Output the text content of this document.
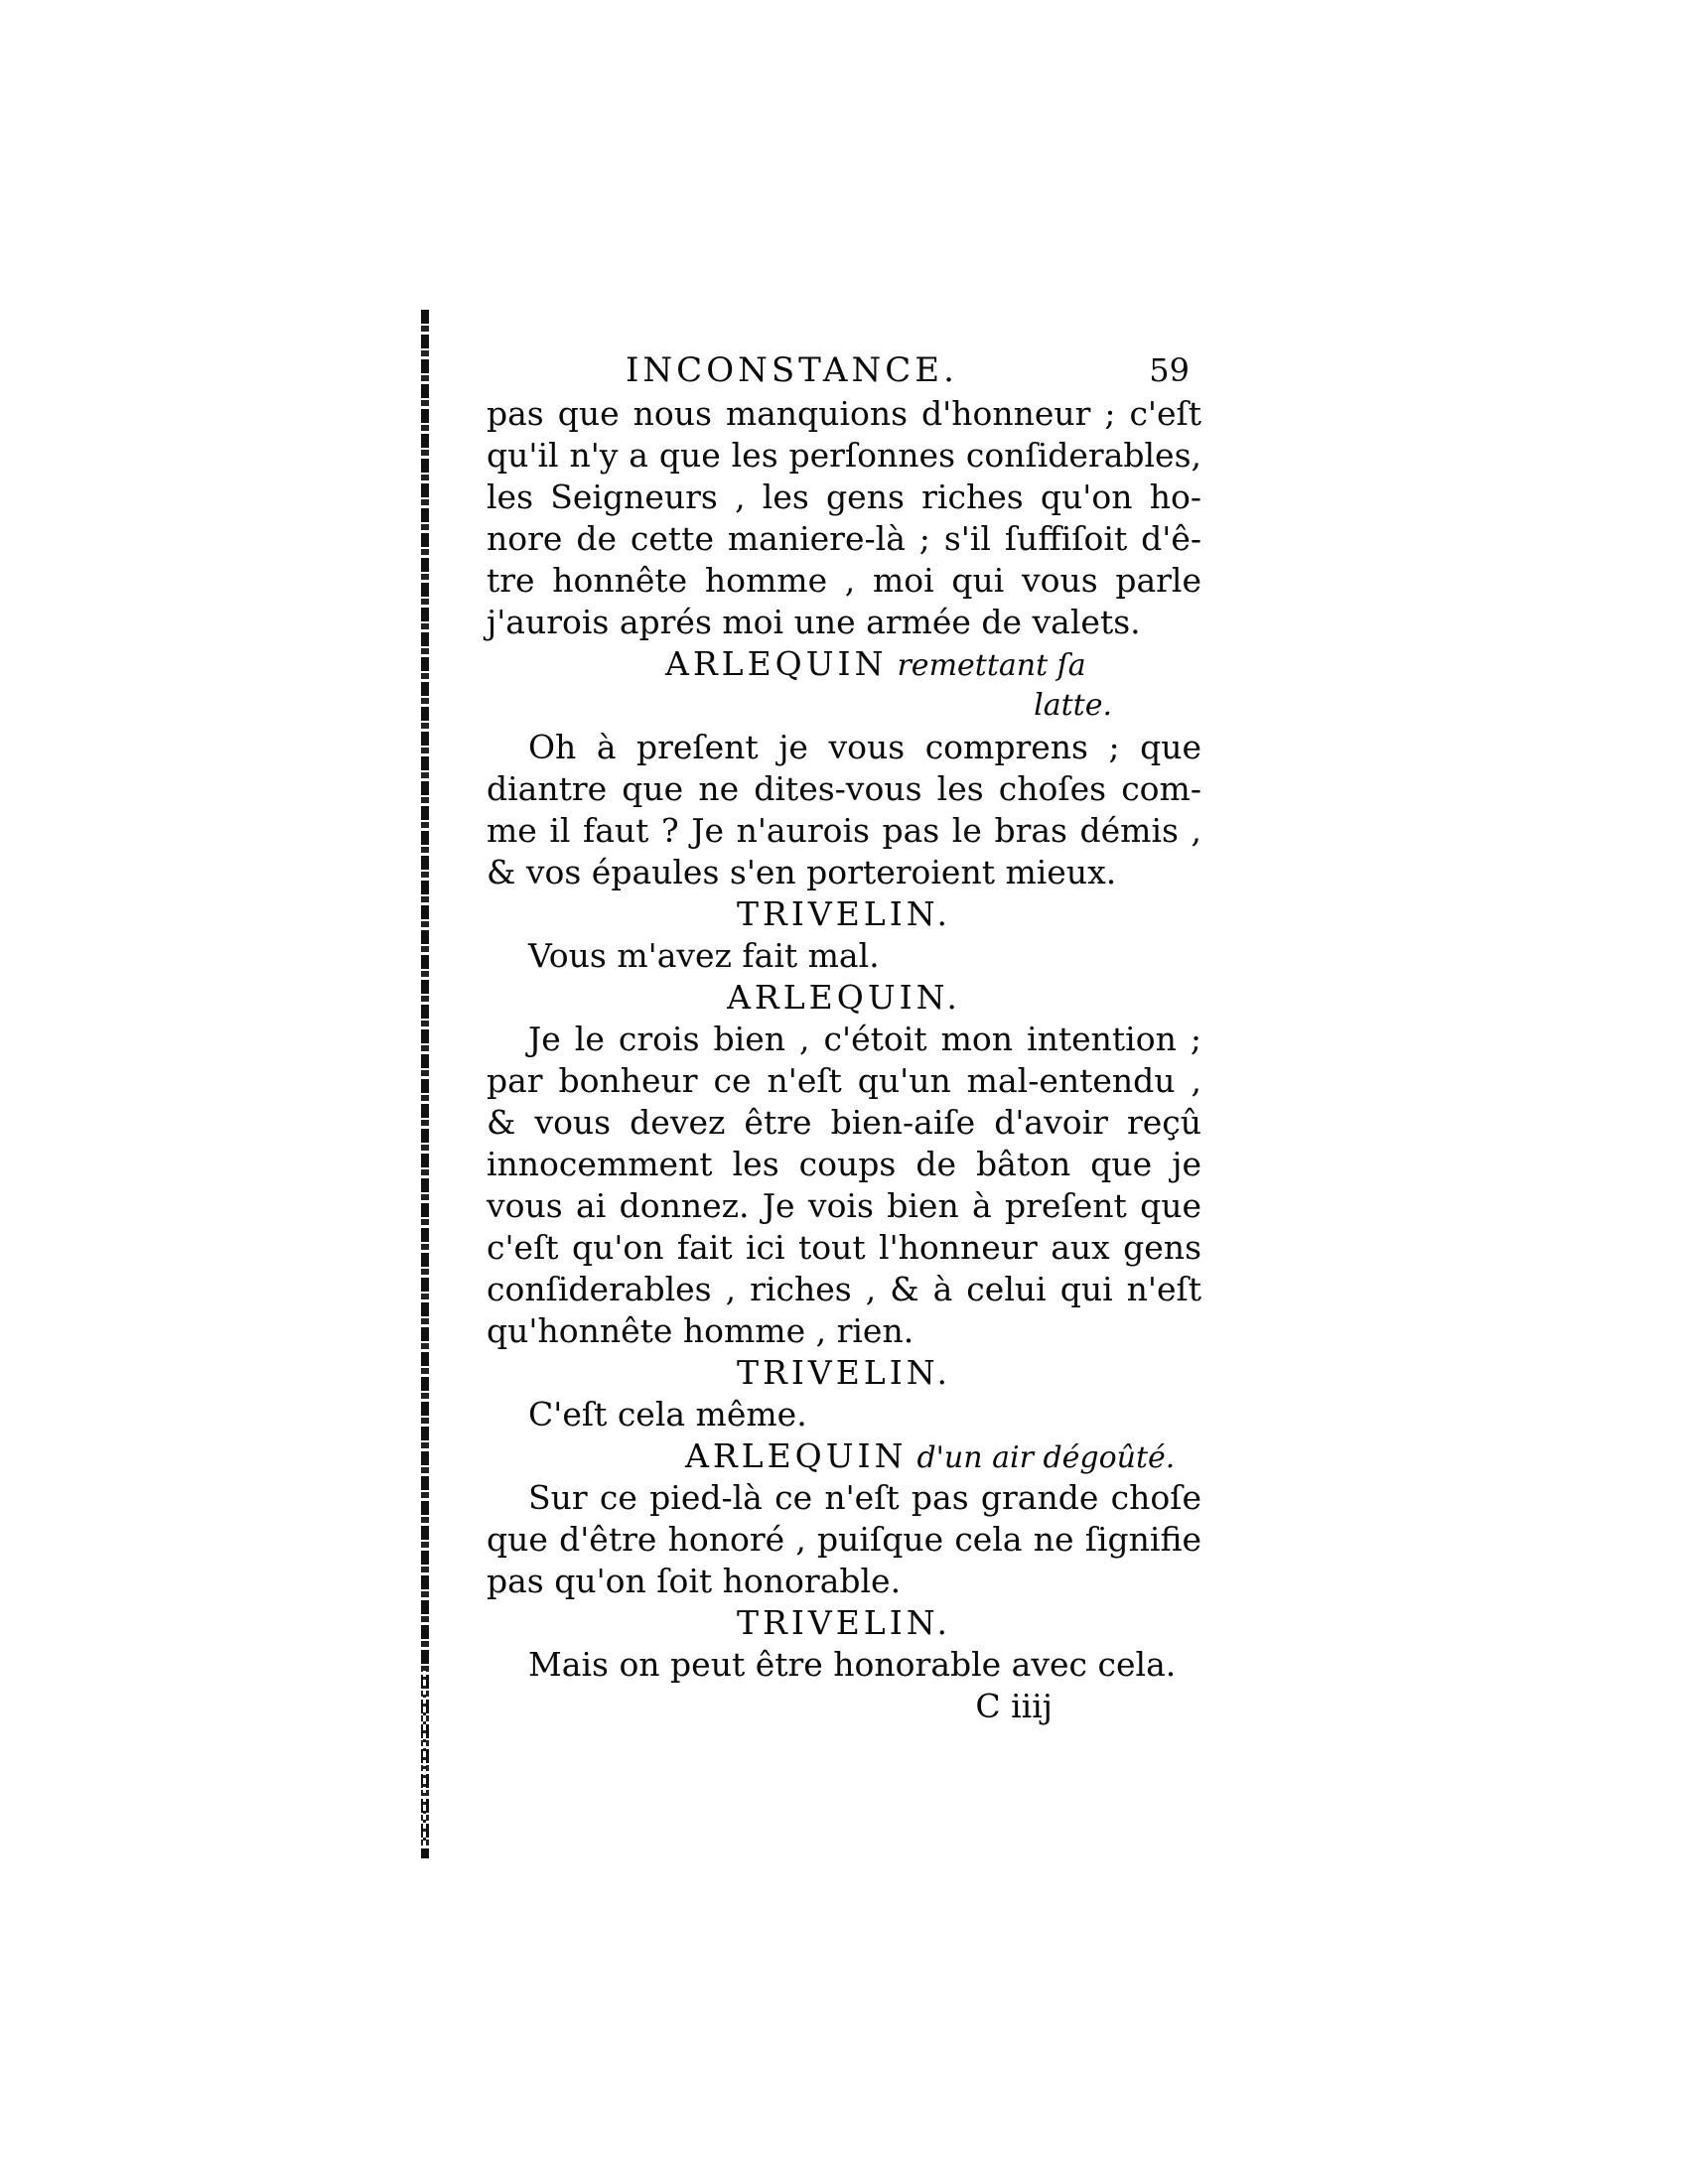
INCONSTANCE.	59
pas que nous manquions d'honneur ; c'eſt
qu'il n'y a que les perſonnes conſiderables,
les Seigneurs , les gens riches qu'on ho-
nore de cette maniere-là ; s'il ſuffiſoit d'ê-
tre honnête homme , moi qui vous parle
j'aurois aprés moi une armée de valets.
ARLEQUIN remettant ſa
latte.
Oh à preſent je vous comprens ; que
diantre que ne dites-vous les choſes com-
me il faut ? Je n'aurois pas le bras démis ,
& vos épaules s'en porteroient mieux.
TRIVELIN.
Vous m'avez fait mal.
ARLEQUIN.
Je le crois bien , c'étoit mon intention ;
par bonheur ce n'eſt qu'un mal-entendu ,
& vous devez être bien-aiſe d'avoir reçû
innocemment les coups de bâton que je
vous ai donnez. Je vois bien à preſent que
c'eſt qu'on fait ici tout l'honneur aux gens
conſiderables , riches , & à celui qui n'eſt
qu'honnête homme , rien.
TRIVELIN.
C'eſt cela même.
ARLEQUIN d'un air dégoûté.
Sur ce pied-là ce n'eſt pas grande choſe
que d'être honoré , puiſque cela ne ſignifie
pas qu'on ſoit honorable.
TRIVELIN.
Mais on peut être honorable avec cela.
C iiij
